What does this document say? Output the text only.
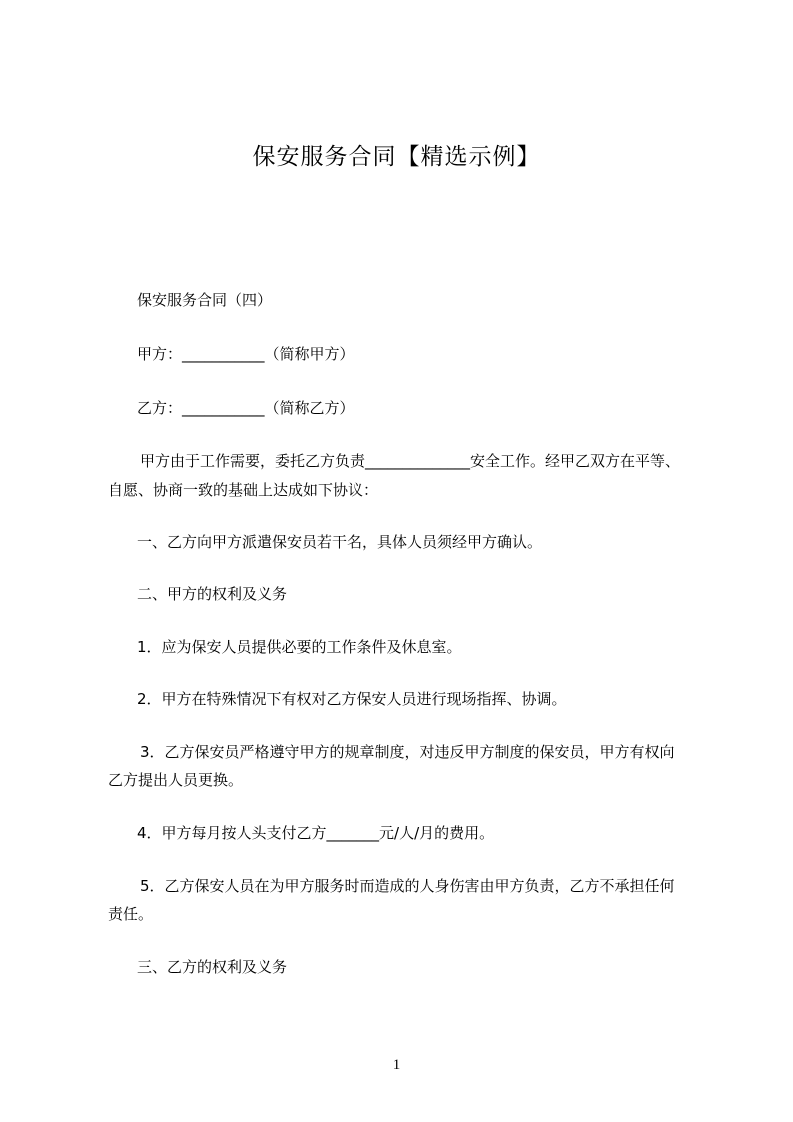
保安服务合同【精选示例】
保安服务合同（四）
甲方：___________（简称甲方）
乙方：___________（简称乙方）
甲方由于工作需要，委托乙方负责______________安全工作。经甲乙双方在平等、
自愿、协商一致的基础上达成如下协议：
一、乙方向甲方派遣保安员若干名，具体人员须经甲方确认。
二、甲方的权利及义务
1．应为保安人员提供必要的工作条件及休息室。
2．甲方在特殊情况下有权对乙方保安人员进行现场指挥、协调。
3．乙方保安员严格遵守甲方的规章制度，对违反甲方制度的保安员，甲方有权向
乙方提出人员更换。
4．甲方每月按人头支付乙方_______元/人/月的费用。
5．乙方保安人员在为甲方服务时而造成的人身伤害由甲方负责，乙方不承担任何
责任。
三、乙方的权利及义务
1
